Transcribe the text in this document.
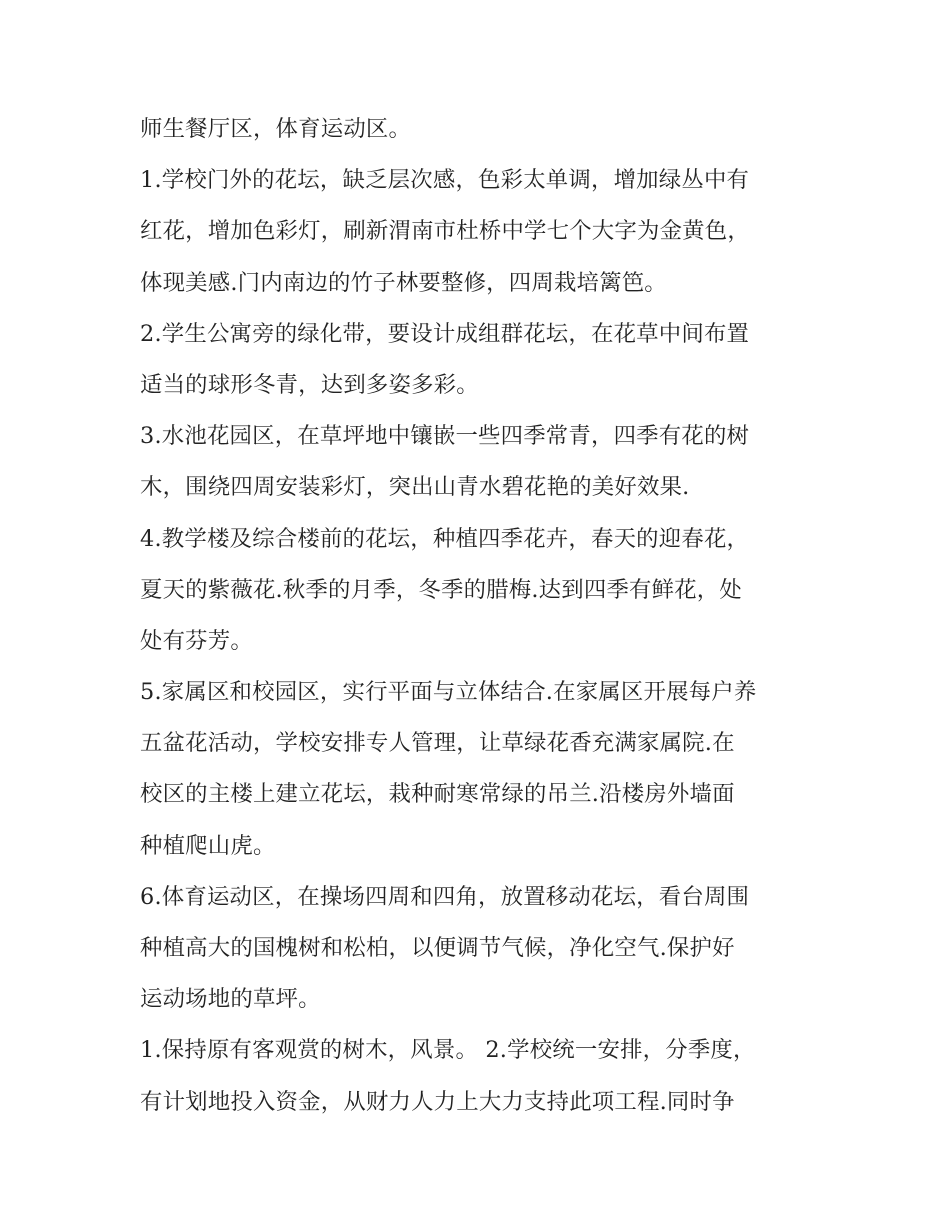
师生餐厅区，体育运动区。
1.学校门外的花坛，缺乏层次感，色彩太单调，增加绿丛中有
红花，增加色彩灯，刷新渭南市杜桥中学七个大字为金黄色，
体现美感.门内南边的竹子林要整修，四周栽培篱笆。
2.学生公寓旁的绿化带，要设计成组群花坛，在花草中间布置
适当的球形冬青，达到多姿多彩。
3.水池花园区，在草坪地中镶嵌一些四季常青，四季有花的树
木，围绕四周安装彩灯，突出山青水碧花艳的美好效果.
4.教学楼及综合楼前的花坛，种植四季花卉，春天的迎春花，
夏天的紫薇花.秋季的月季，冬季的腊梅.达到四季有鲜花，处
处有芬芳。
5.家属区和校园区，实行平面与立体结合.在家属区开展每户养
五盆花活动，学校安排专人管理，让草绿花香充满家属院.在
校区的主楼上建立花坛，栽种耐寒常绿的吊兰.沿楼房外墙面
种植爬山虎。
6.体育运动区，在操场四周和四角，放置移动花坛，看台周围
种植高大的国槐树和松柏，以便调节气候，净化空气.保护好
运动场地的草坪。
1.保持原有客观赏的树木，风景。 2.学校统一安排，分季度，
有计划地投入资金，从财力人力上大力支持此项工程.同时争
